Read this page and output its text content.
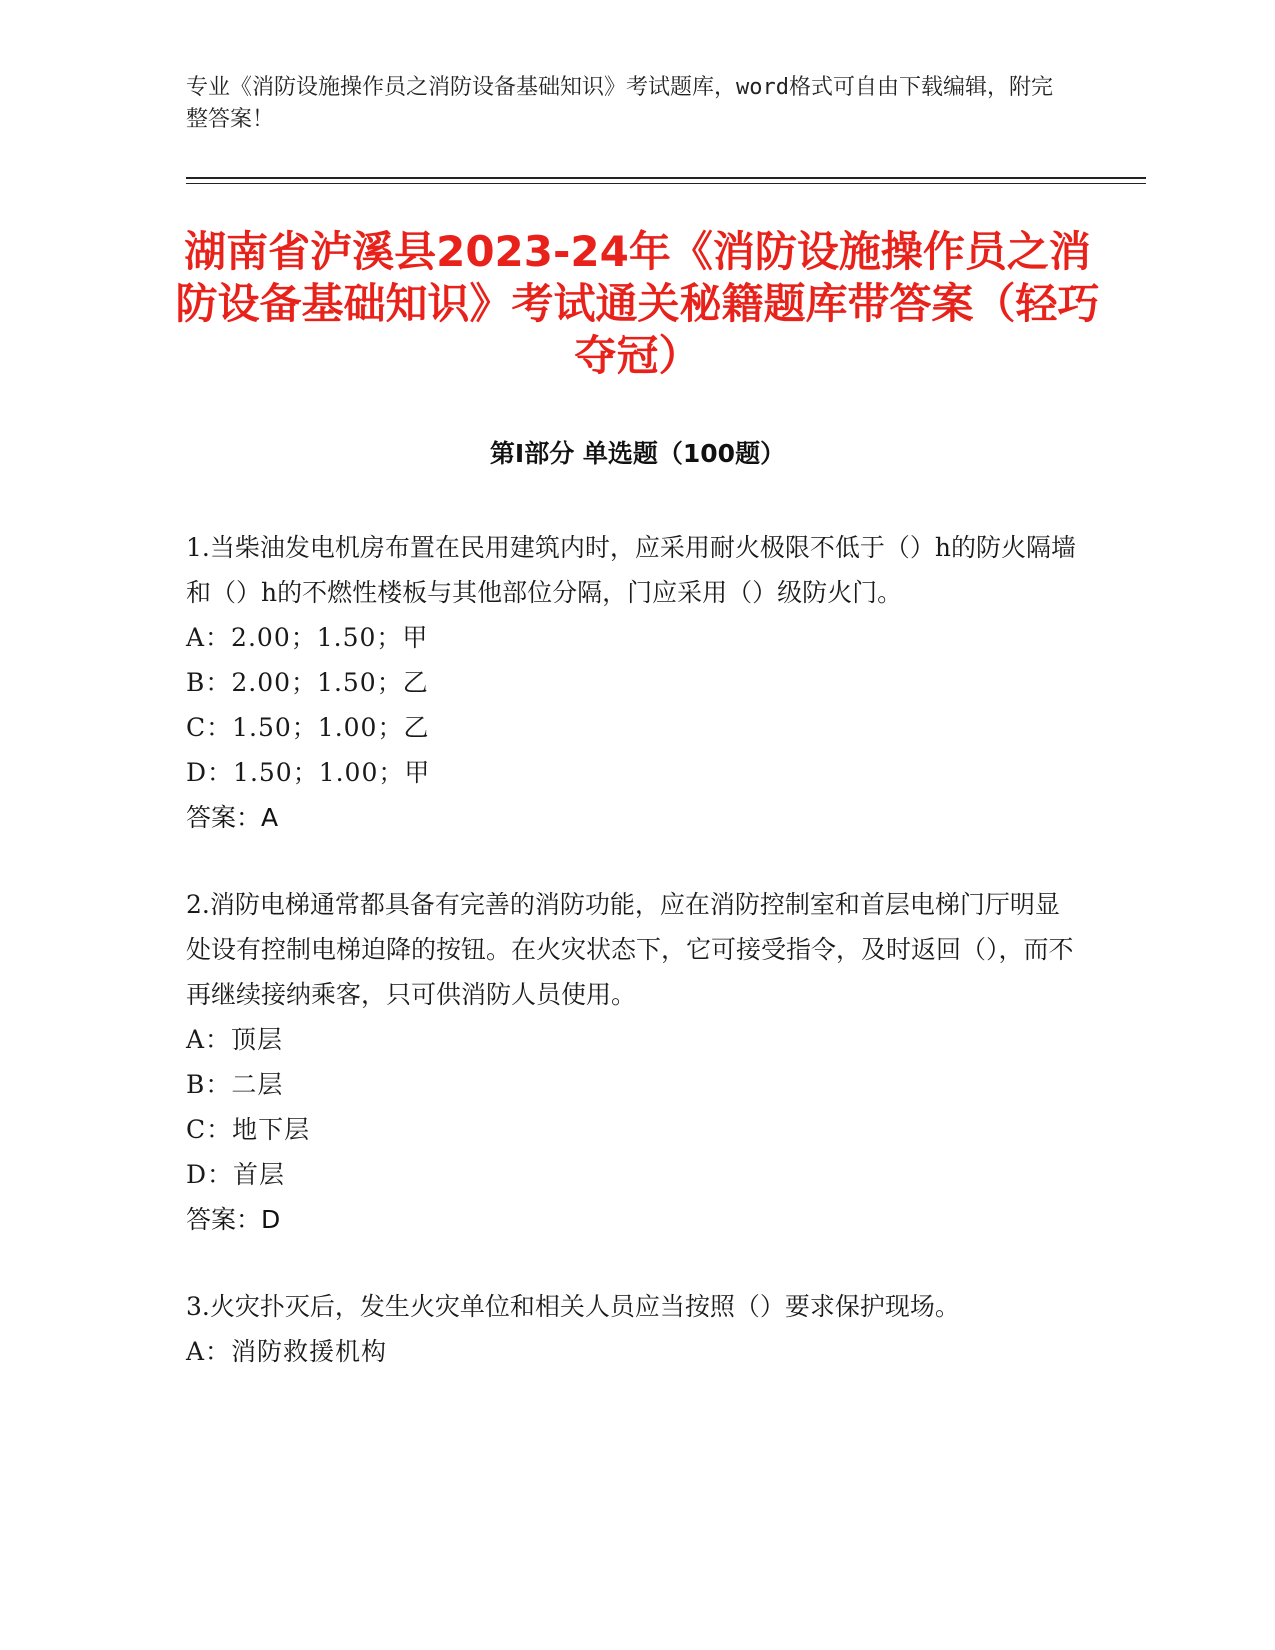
专业《消防设施操作员之消防设备基础知识》考试题库，word格式可自由下载编辑，附完整答案！

湖南省泸溪县2023-24年《消防设施操作员之消防设备基础知识》考试通关秘籍题库带答案（轻巧夺冠）
第I部分 单选题（100题）

1.当柴油发电机房布置在民用建筑内时，应采用耐火极限不低于（）h的防火隔墙和（）h的不燃性楼板与其他部位分隔，门应采用（）级防火门。

A：2.00；1.50；甲

B：2.00；1.50；乙

C：1.50；1.00；乙

D：1.50；1.00；甲

答案：A

2.消防电梯通常都具备有完善的消防功能，应在消防控制室和首层电梯门厅明显处设有控制电梯迫降的按钮。在火灾状态下，它可接受指令，及时返回（），而不再继续接纳乘客，只可供消防人员使用。

A：顶层

B：二层

C：地下层

D：首层

答案：D

3.火灾扑灭后，发生火灾单位和相关人员应当按照（）要求保护现场。

A：消防救援机构
